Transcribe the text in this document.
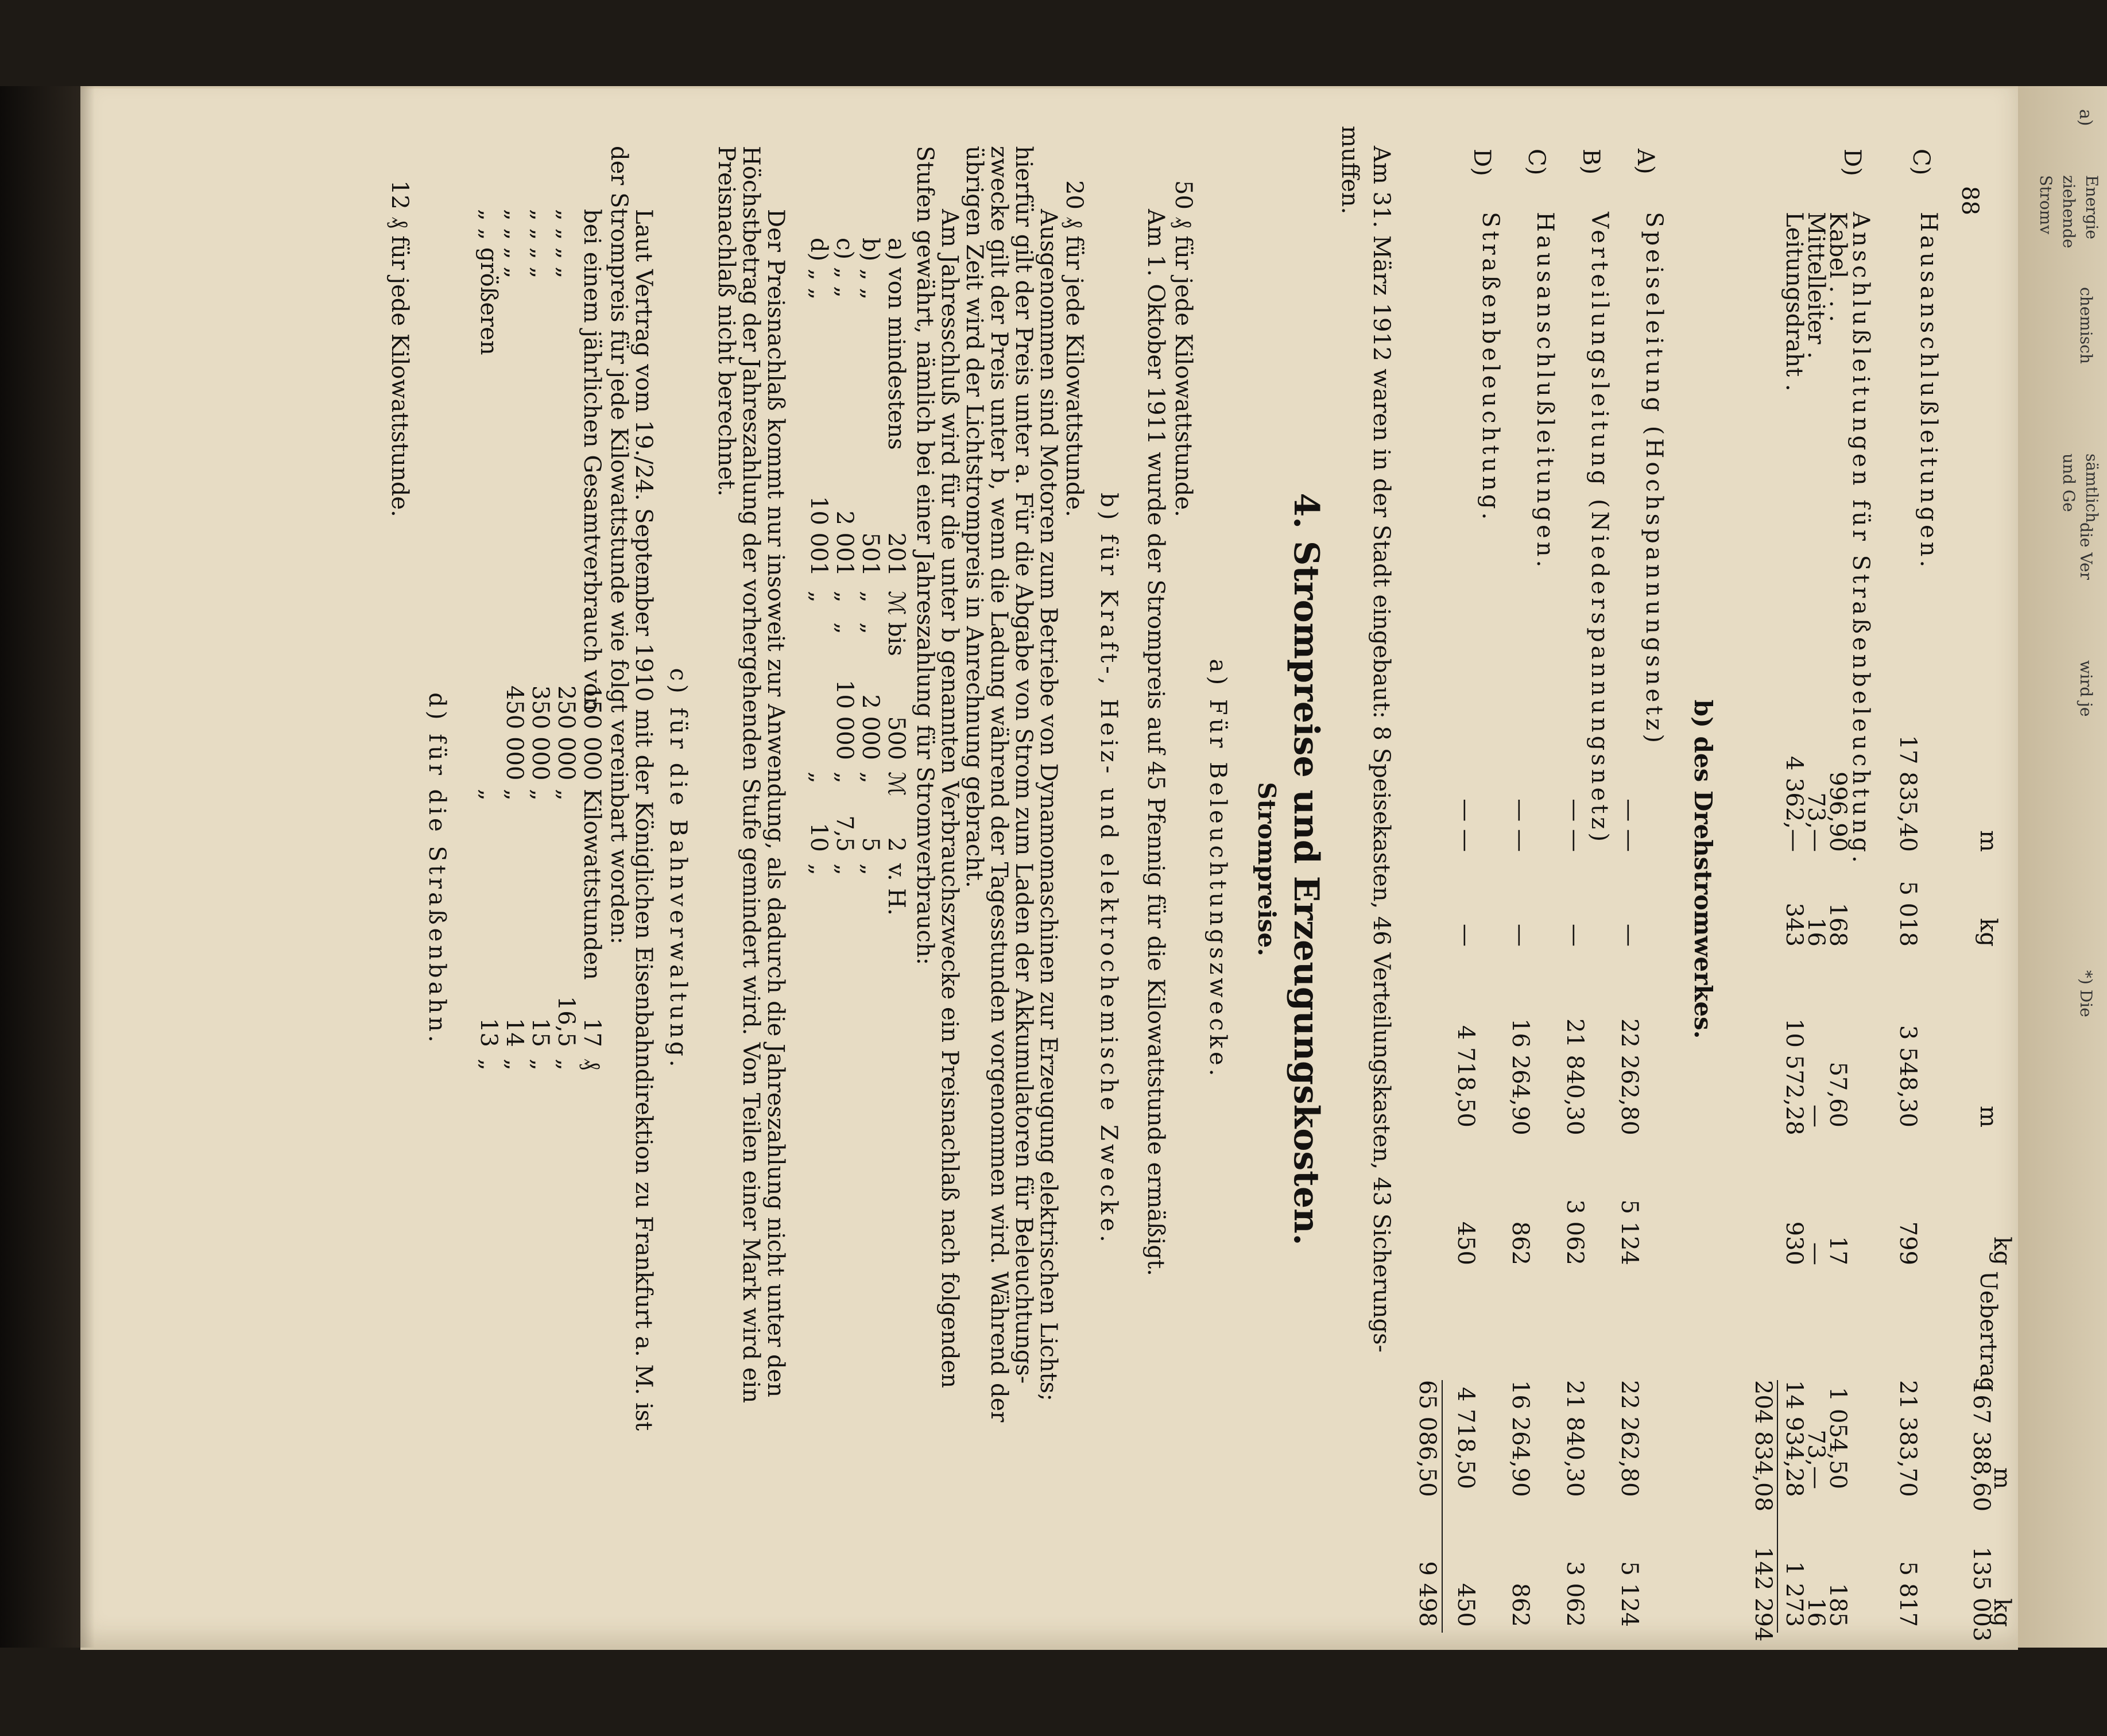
a)
Energie
ziehende
Stromv
chemisch
sämtlich
und Ge
die Ver
wird je
*) Die
88
m
kg
m
kg
Uebertrag
m
kg
167 388,60
135 003
C)
Hausanschlußleitungen.
17 835,40
5 018
3 548,30
799
21 383,70
5 817
D)
Anschlußleitungen für Straßenbeleuchtung.
Kabel . . .
996,90
168
57,60
17
1 054,50
185
Mittelleiter .
73,—
16
—
—
73,—
16
Leitungsdraht .
4 362,—
343
10 572,28
930
14 934,28
1 273
204 834,08
142 294
b) des Drehstromwerkes.
A)
Speiseleitung (Hochspannungsnetz)
— —
—
22 262,80
5 124
22 262,80
5 124
B)
Verteilungsleitung (Niederspannungsnetz)
— —
—
21 840,30
3 062
21 840,30
3 062
C)
Hausanschlußleitungen.
— —
—
16 264,90
862
16 264,90
862
D)
Straßenbeleuchtung.
— —
—
4 718,50
450
4 718,50
450
65 086,50
9 498
Am 31. März 1912 waren in der Stadt eingebaut: 8 Speisekasten, 46 Verteilungskasten, 43 Sicherungs-
muffen.
4. Strompreise und Erzeugungskosten.
Strompreise.
a) Für Beleuchtungszwecke.
50 ₰ für jede Kilowattstunde.
Am 1. Oktober 1911 wurde der Strompreis auf 45 Pfennig für die Kilowattstunde ermäßigt.
b) für Kraft-, Heiz- und elektrochemische Zwecke.
20 ₰ für jede Kilowattstunde.
Ausgenommen sind Motoren zum Betriebe von Dynamomaschinen zur Erzeugung elektrischen Lichts;
hierfür gilt der Preis unter a. Für die Abgabe von Strom zum Laden der Akkumulatoren für Beleuchtungs-
zwecke gilt der Preis unter b, wenn die Ladung während der Tagesstunden vorgenommen wird. Während der
übrigen Zeit wird der Lichtstrompreis in Anrechnung gebracht.
Am Jahresschluß wird für die unter b genannten Verbrauchszwecke ein Preisnachlaß nach folgenden
Stufen gewährt, nämlich bei einer Jahreszahlung für Stromverbrauch:
a) von mindestens
201
ℳ
bis
500
ℳ
2
v. H.
b) „ „
501
„
„
2 000
„
5
„
c) „ „
2 001
„
„
10 000
„
7,5
„
d) „ „
10 001
„
„
10
„
Der Preisnachlaß kommt nur insoweit zur Anwendung, als dadurch die Jahreszahlung nicht unter den
Höchstbetrag der Jahreszahlung der vorhergehenden Stufe gemindert wird. Von Teilen einer Mark wird ein
Preisnachlaß nicht berechnet.
c) für die Bahnverwaltung.
Laut Vertrag vom 19./24. September 1910 mit der Königlichen Eisenbahndirektion zu Frankfurt a. M. ist
der Strompreis für jede Kilowattstunde wie folgt vereinbart worden:
bei einem jährlichen Gesamtverbrauch von
150 000
Kilowattstunden
17
₰
„ „ „ „
250 000
„
16,5
„
„ „ „ „
350 000
„
15
„
„ „ „ „
450 000
„
14
„
„ „ größeren
„
13
„
d) für die Straßenbahn.
12 ₰ für jede Kilowattstunde.
